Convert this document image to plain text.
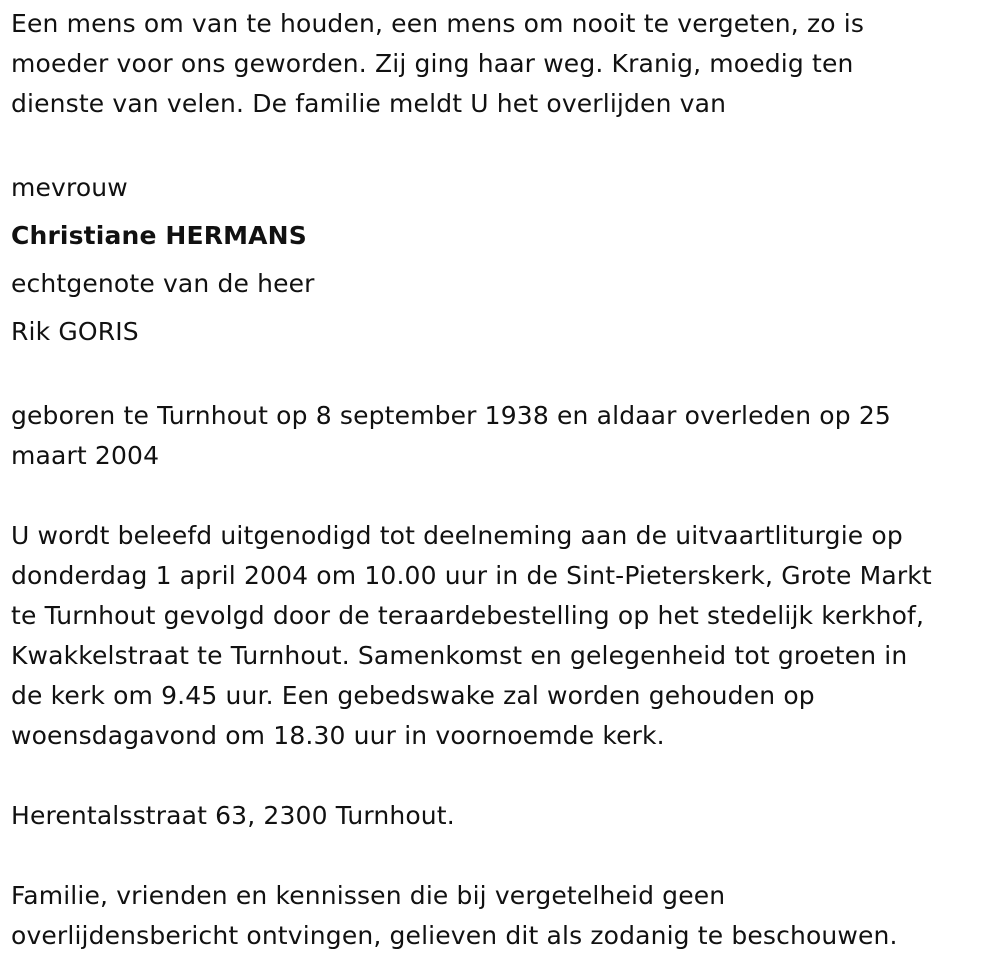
Een mens om van te houden, een mens om nooit te vergeten, zo is
moeder voor ons geworden. Zij ging haar weg. Kranig, moedig ten
dienste van velen. De familie meldt U het overlijden van

mevrouw
Christiane HERMANS
echtgenote van de heer
Rik GORIS

geboren te Turnhout op 8 september 1938 en aldaar overleden op 25
maart 2004

U wordt beleefd uitgenodigd tot deelneming aan de uitvaartliturgie op
donderdag 1 april 2004 om 10.00 uur in de Sint-Pieterskerk, Grote Markt
te Turnhout gevolgd door de teraardebestelling op het stedelijk kerkhof,
Kwakkelstraat te Turnhout. Samenkomst en gelegenheid tot groeten in
de kerk om 9.45 uur. Een gebedswake zal worden gehouden op
woensdagavond om 18.30 uur in voornoemde kerk.

Herentalsstraat 63, 2300 Turnhout.

Familie, vrienden en kennissen die bij vergetelheid geen
overlijdensbericht ontvingen, gelieven dit als zodanig te beschouwen.
